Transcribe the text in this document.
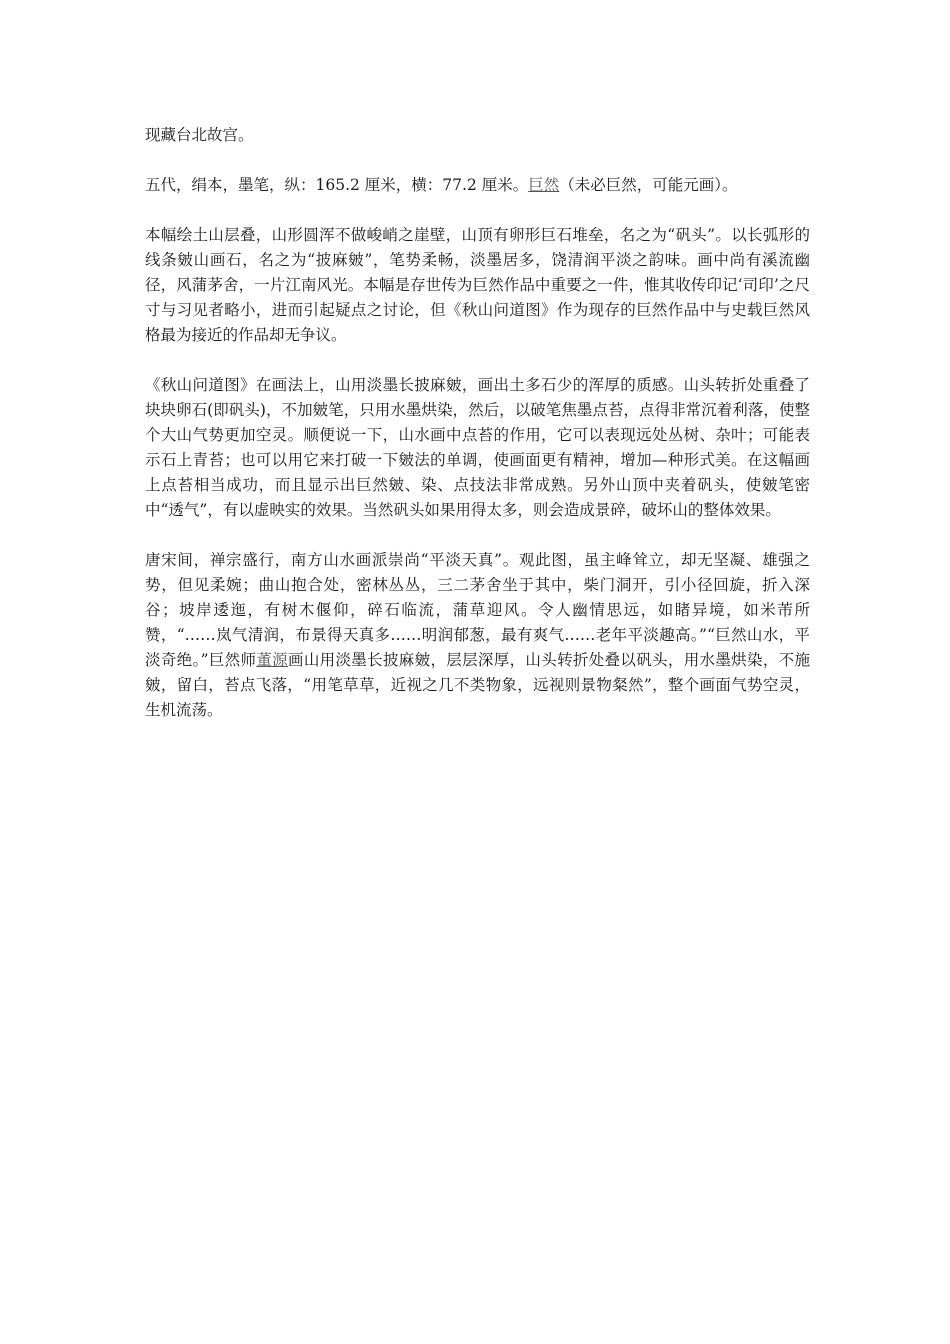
现藏台北故宫。

五代，绢本，墨笔，纵：165.2 厘米，横：77.2 厘米。巨然（未必巨然，可能元画）。

本幅绘土山层叠，山形圆浑不做峻峭之崖壁，山顶有卵形巨石堆垒，名之为“矾头”。以长弧形的线条皴山画石，名之为“披麻皴”，笔势柔畅，淡墨居多，饶清润平淡之韵味。画中尚有溪流幽径，风蒲茅舍，一片江南风光。本幅是存世传为巨然作品中重要之一件，惟其收传印记‘司印’之尺寸与习见者略小，进而引起疑点之讨论，但《秋山问道图》作为现存的巨然作品中与史载巨然风格最为接近的作品却无争议。

《秋山问道图》在画法上，山用淡墨长披麻皴，画出土多石少的浑厚的质感。山头转折处重叠了块块卵石(即矾头)，不加皴笔，只用水墨烘染，然后，以破笔焦墨点苔，点得非常沉着利落，使整个大山气势更加空灵。顺便说一下，山水画中点苔的作用，它可以表现远处丛树、杂叶；可能表示石上青苔；也可以用它来打破一下皴法的单调，使画面更有精神，增加—种形式美。在这幅画上点苔相当成功，而且显示出巨然皴、染、点技法非常成熟。另外山顶中夹着矾头，使皴笔密中“透气”，有以虚映实的效果。当然矾头如果用得太多，则会造成景碎，破坏山的整体效果。

唐宋间，禅宗盛行，南方山水画派崇尚“平淡天真”。观此图，虽主峰耸立，却无坚凝、雄强之势，但见柔婉；曲山抱合处，密林丛丛，三二茅舍坐于其中，柴门洞开，引小径回旋，折入深谷；坡岸逶迤，有树木偃仰，碎石临流，蒲草迎风。令人幽情思远，如睹异境，如米芾所赞，“……岚气清润，布景得天真多……明润郁葱，最有爽气……老年平淡趣高。”“巨然山水，平淡奇绝。”巨然师董源画山用淡墨长披麻皴，层层深厚，山头转折处叠以矾头，用水墨烘染，不施皴，留白，苔点飞落，“用笔草草，近视之几不类物象，远视则景物粲然”，整个画面气势空灵，生机流荡。
